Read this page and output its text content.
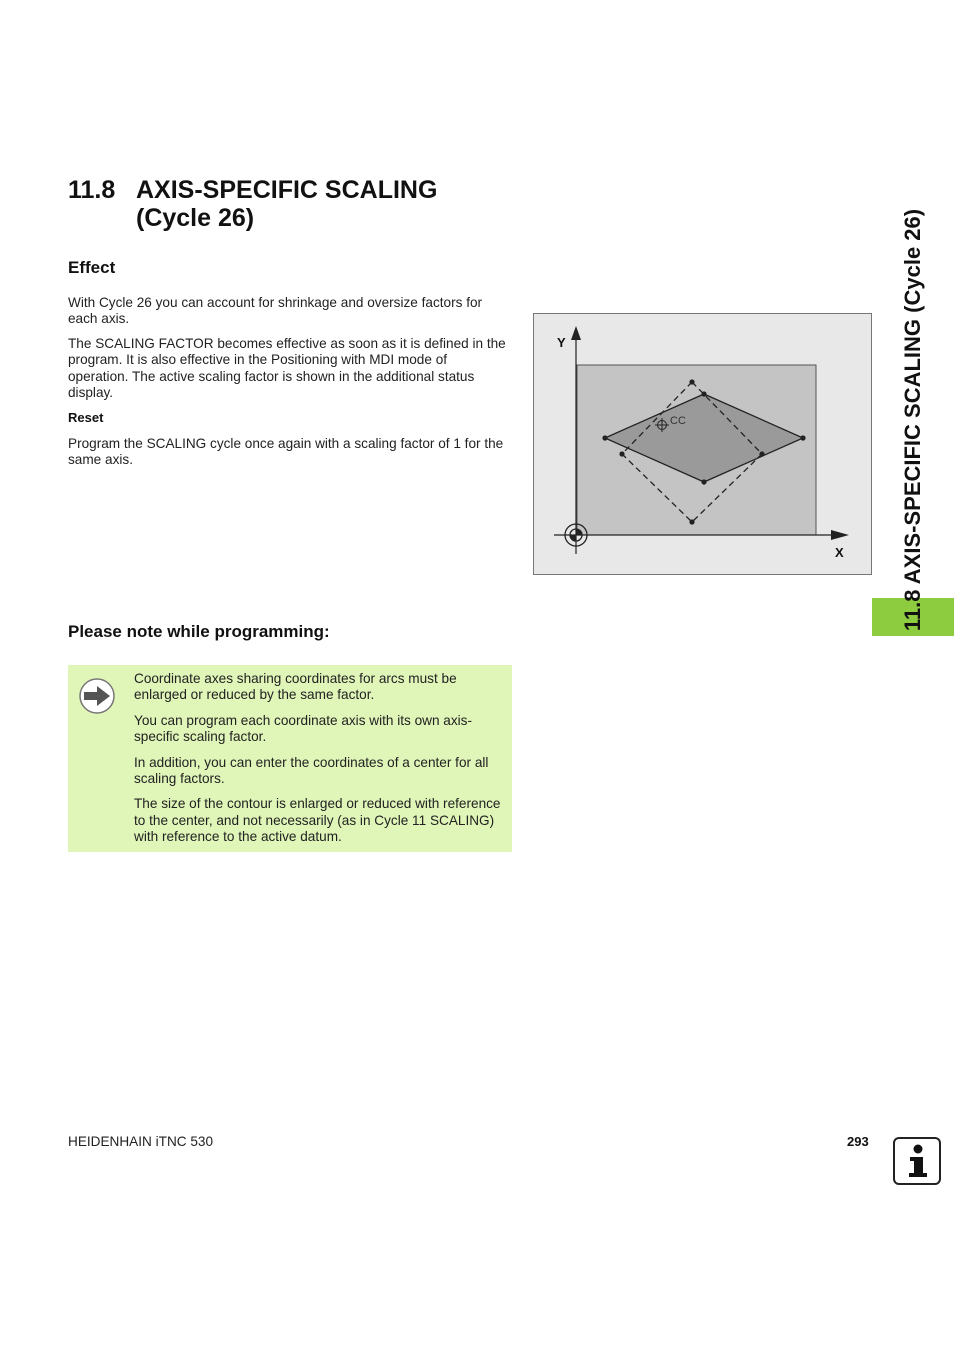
11.8 AXIS-SPECIFIC SCALING
(Cycle 26)
Effect

With Cycle 26 you can account for shrinkage and oversize factors for each axis.

The SCALING FACTOR becomes effective as soon as it is defined in the program. It is also effective in the Positioning with MDI mode of operation. The active scaling factor is shown in the additional status display.

Reset

Program the SCALING cycle once again with a scaling factor of 1 for the same axis.

Y
X
CC
Please note while programming:

Coordinate axes sharing coordinates for arcs must be enlarged or reduced by the same factor.

You can program each coordinate axis with its own axis-specific scaling factor.

In addition, you can enter the coordinates of a center for all scaling factors.

The size of the contour is enlarged or reduced with reference to the center, and not necessarily (as in Cycle 11 SCALING) with reference to the active datum.

11.8 AXIS-SPECIFIC SCALING (Cycle 26)
HEIDENHAIN iTNC 530	293
